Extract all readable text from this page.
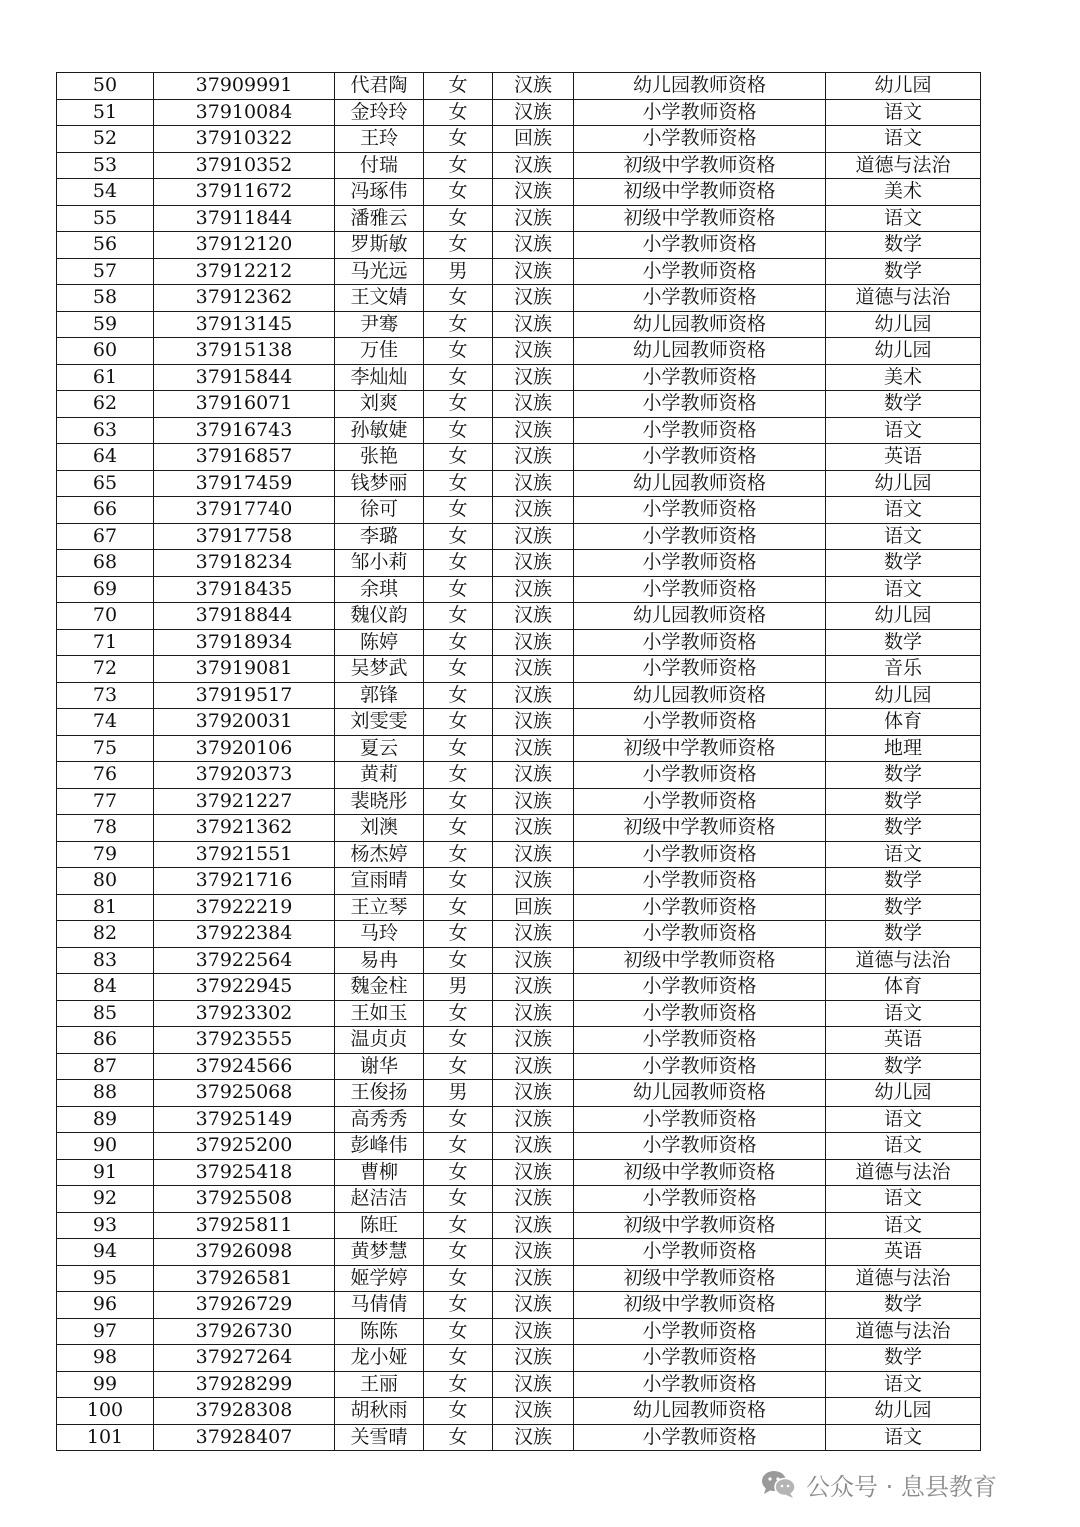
50	37909991	代君陶	女	汉族	幼儿园教师资格	幼儿园
51	37910084	金玲玲	女	汉族	小学教师资格	语文
52	37910322	王玲	女	回族	小学教师资格	语文
53	37910352	付瑞	女	汉族	初级中学教师资格	道德与法治
54	37911672	冯琢伟	女	汉族	初级中学教师资格	美术
55	37911844	潘雅云	女	汉族	初级中学教师资格	语文
56	37912120	罗斯敏	女	汉族	小学教师资格	数学
57	37912212	马光远	男	汉族	小学教师资格	数学
58	37912362	王文婧	女	汉族	小学教师资格	道德与法治
59	37913145	尹骞	女	汉族	幼儿园教师资格	幼儿园
60	37915138	万佳	女	汉族	幼儿园教师资格	幼儿园
61	37915844	李灿灿	女	汉族	小学教师资格	美术
62	37916071	刘爽	女	汉族	小学教师资格	数学
63	37916743	孙敏婕	女	汉族	小学教师资格	语文
64	37916857	张艳	女	汉族	小学教师资格	英语
65	37917459	钱梦丽	女	汉族	幼儿园教师资格	幼儿园
66	37917740	徐可	女	汉族	小学教师资格	语文
67	37917758	李璐	女	汉族	小学教师资格	语文
68	37918234	邹小莉	女	汉族	小学教师资格	数学
69	37918435	余琪	女	汉族	小学教师资格	语文
70	37918844	魏仪韵	女	汉族	幼儿园教师资格	幼儿园
71	37918934	陈婷	女	汉族	小学教师资格	数学
72	37919081	吴梦武	女	汉族	小学教师资格	音乐
73	37919517	郭锋	女	汉族	幼儿园教师资格	幼儿园
74	37920031	刘雯雯	女	汉族	小学教师资格	体育
75	37920106	夏云	女	汉族	初级中学教师资格	地理
76	37920373	黄莉	女	汉族	小学教师资格	数学
77	37921227	裴晓彤	女	汉族	小学教师资格	数学
78	37921362	刘澳	女	汉族	初级中学教师资格	数学
79	37921551	杨杰婷	女	汉族	小学教师资格	语文
80	37921716	宣雨晴	女	汉族	小学教师资格	数学
81	37922219	王立琴	女	回族	小学教师资格	数学
82	37922384	马玲	女	汉族	小学教师资格	数学
83	37922564	易冉	女	汉族	初级中学教师资格	道德与法治
84	37922945	魏金柱	男	汉族	小学教师资格	体育
85	37923302	王如玉	女	汉族	小学教师资格	语文
86	37923555	温贞贞	女	汉族	小学教师资格	英语
87	37924566	谢华	女	汉族	小学教师资格	数学
88	37925068	王俊扬	男	汉族	幼儿园教师资格	幼儿园
89	37925149	高秀秀	女	汉族	小学教师资格	语文
90	37925200	彭峰伟	女	汉族	小学教师资格	语文
91	37925418	曹柳	女	汉族	初级中学教师资格	道德与法治
92	37925508	赵洁洁	女	汉族	小学教师资格	语文
93	37925811	陈旺	女	汉族	初级中学教师资格	语文
94	37926098	黄梦慧	女	汉族	小学教师资格	英语
95	37926581	姬学婷	女	汉族	初级中学教师资格	道德与法治
96	37926729	马倩倩	女	汉族	初级中学教师资格	数学
97	37926730	陈陈	女	汉族	小学教师资格	道德与法治
98	37927264	龙小娅	女	汉族	小学教师资格	数学
99	37928299	王丽	女	汉族	小学教师资格	语文
100	37928308	胡秋雨	女	汉族	幼儿园教师资格	幼儿园
101	37928407	关雪晴	女	汉族	小学教师资格	语文
公众号 · 息县教育
